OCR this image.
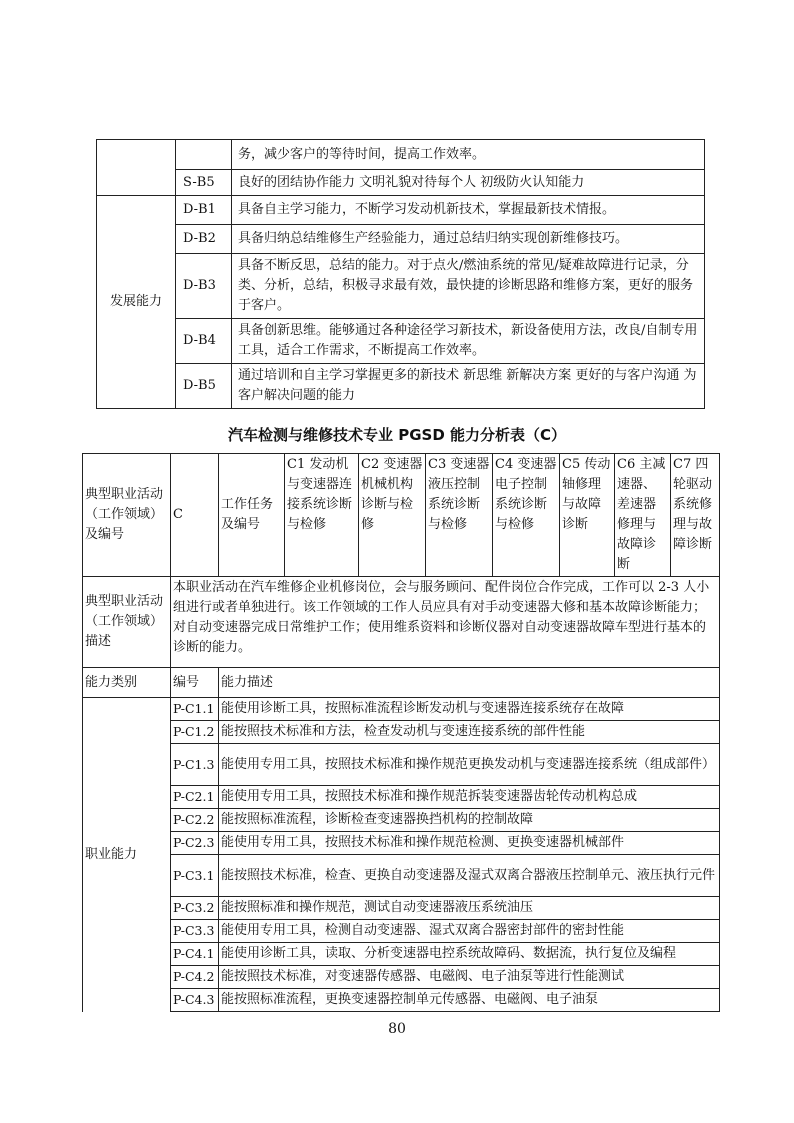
		务，减少客户的等待时间，提高工作效率。
	S-B5	良好的团结协作能力 文明礼貌对待每个人 初级防火认知能力
发展能力	D-B1	具备自主学习能力，不断学习发动机新技术，掌握最新技术情报。
	D-B2	具备归纳总结维修生产经验能力，通过总结归纳实现创新维修技巧。
	D-B3	具备不断反思，总结的能力。对于点火/燃油系统的常见/疑难故障进行记录，分类、分析，总结，积极寻求最有效，最快捷的诊断思路和维修方案，更好的服务于客户。
	D-B4	具备创新思维。能够通过各种途径学习新技术，新设备使用方法，改良/自制专用工具，适合工作需求，不断提高工作效率。
	D-B5	通过培训和自主学习掌握更多的新技术 新思维 新解决方案 更好的与客户沟通 为客户解决问题的能力
汽车检测与维修技术专业 PGSD 能力分析表（C）
典型职业活动（工作领域）及编号	C	工作任务及编号	C1 发动机与变速器连接系统诊断与检修	C2 变速器机械机构诊断与检修	C3 变速器液压控制系统诊断与检修	C4 变速器电子控制系统诊断与检修	C5 传动轴修理与故障诊断	C6 主减速器、差速器修理与故障诊断	C7 四轮驱动系统修理与故障诊断
典型职业活动（工作领域）描述	本职业活动在汽车维修企业机修岗位，会与服务顾问、配件岗位合作完成，工作可以 2-3 人小组进行或者单独进行。该工作领域的工作人员应具有对手动变速器大修和基本故障诊断能力；对自动变速器完成日常维护工作；使用维系资料和诊断仪器对自动变速器故障车型进行基本的诊断的能力。								
能力类别	编号	能力描述							
职业能力	P-C1.1	能使用诊断工具，按照标准流程诊断发动机与变速器连接系统存在故障							
	P-C1.2	能按照技术标准和方法，检查发动机与变速连接系统的部件性能							
	P-C1.3	能使用专用工具，按照技术标准和操作规范更换发动机与变速器连接系统（组成部件）							
	P-C2.1	能使用专用工具，按照技术标准和操作规范拆装变速器齿轮传动机构总成							
	P-C2.2	能按照标准流程，诊断检查变速器换挡机构的控制故障							
	P-C2.3	能使用专用工具，按照技术标准和操作规范检测、更换变速器机械部件							
	P-C3.1	能按照技术标准，检查、更换自动变速器及湿式双离合器液压控制单元、液压执行元件							
	P-C3.2	能按照标准和操作规范，测试自动变速器液压系统油压							
	P-C3.3	能使用专用工具，检测自动变速器、湿式双离合器密封部件的密封性能							
	P-C4.1	能使用诊断工具，读取、分析变速器电控系统故障码、数据流，执行复位及编程							
	P-C4.2	能按照技术标准，对变速器传感器、电磁阀、电子油泵等进行性能测试							
	P-C4.3	能按照标准流程，更换变速器控制单元传感器、电磁阀、电子油泵							
80
